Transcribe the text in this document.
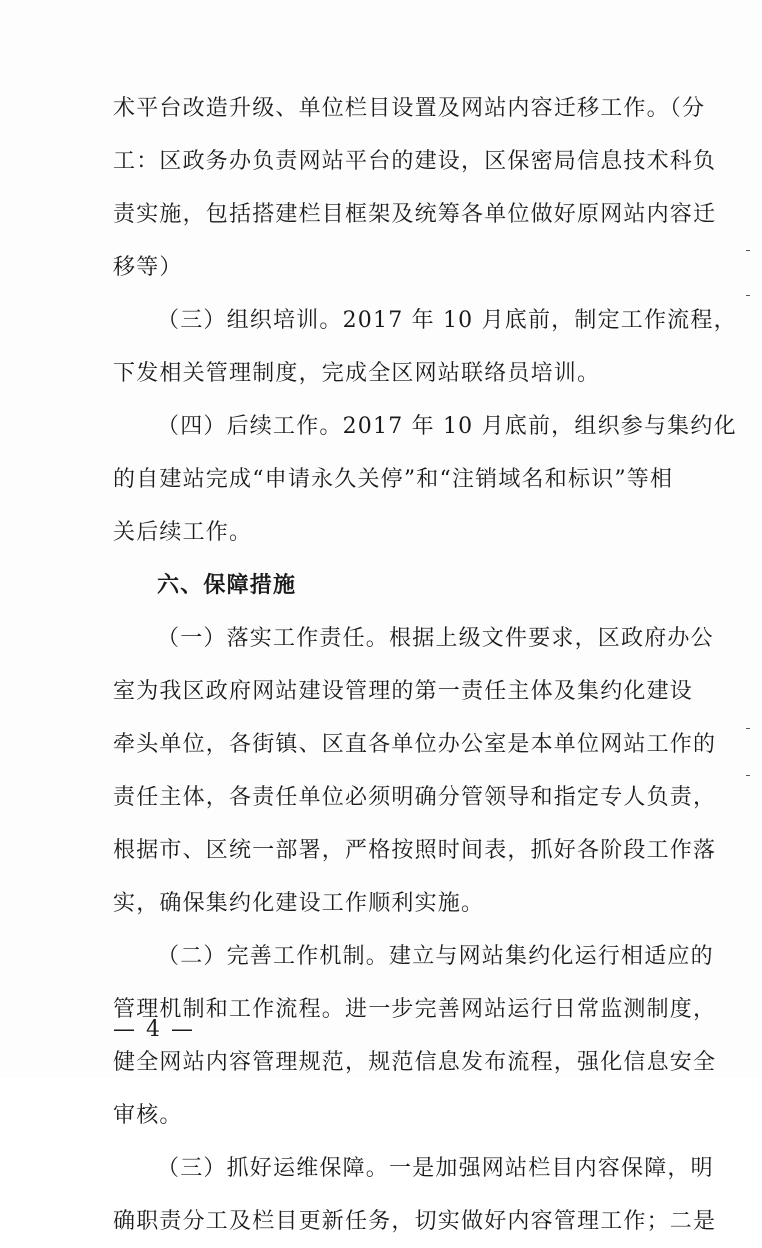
术平台改造升级、单位栏目设置及网站内容迁移工作。（分
工：区政务办负责网站平台的建设，区保密局信息技术科负
责实施，包括搭建栏目框架及统筹各单位做好原网站内容迁
移等）
（三）组织培训。2017 年 10 月底前，制定工作流程，
下发相关管理制度，完成全区网站联络员培训。
（四）后续工作。2017 年 10 月底前，组织参与集约化
的自建站完成“申请永久关停”和“注销域名和标识”等相
关后续工作。
六、保障措施
（一）落实工作责任。根据上级文件要求，区政府办公
室为我区政府网站建设管理的第一责任主体及集约化建设
牵头单位，各街镇、区直各单位办公室是本单位网站工作的
责任主体，各责任单位必须明确分管领导和指定专人负责，
根据市、区统一部署，严格按照时间表，抓好各阶段工作落
实，确保集约化建设工作顺利实施。
（二）完善工作机制。建立与网站集约化运行相适应的
管理机制和工作流程。进一步完善网站运行日常监测制度，
健全网站内容管理规范，规范信息发布流程，强化信息安全
审核。
（三）抓好运维保障。一是加强网站栏目内容保障，明
确职责分工及栏目更新任务，切实做好内容管理工作；二是
— 4 —
